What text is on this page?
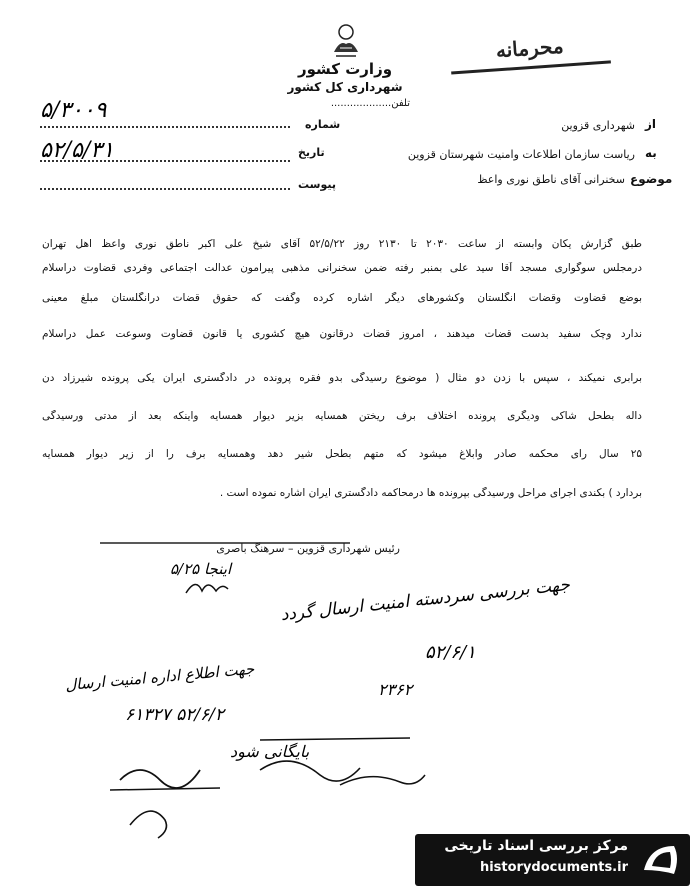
وزارت کشور
شهرداری کل کشور
تلفن...................
محرمانه
شماره
۵/۳۰۰۹
تاریخ
۵۲/۵/۳۱
پیوست
از
شهرداری قزوین
به
ریاست سازمان اطلاعات وامنیت شهرستان قزوین
موضوع
سخنرانی آقای ناطق نوری واعظ
طبق گزارش یکان وابسته از ساعت ۲۰۳۰ تا ۲۱۳۰ روز ۵۲/۵/۲۲ آقای شیخ علی اکبر ناطق نوری واعظ اهل تهران
درمجلس سوگواری مسجد آقا سید علی بمنبر رفته ضمن سخنرانی مذهبی پیرامون عدالت اجتماعی وفردی قضاوت دراسلام
بوضع قضاوت وقضات انگلستان وکشورهای دیگر اشاره کرده وگفت که حقوق قضات درانگلستان مبلغ معینی
ندارد وچک سفید بدست قضات میدهند ، امروز قضات درقانون هیچ کشوری یا قانون قضاوت وسوعت عمل دراسلام
برابری نمیکند ، سپس با زدن دو مثال ( موضوع رسیدگی بدو فقره پرونده در دادگستری ایران یکی پرونده شیرزاد دن
داله بطحل شاکی ودیگری پرونده اختلاف برف ریختن همسایه بزیر دیوار همسایه واینکه بعد از مدتی ورسیدگی
۲۵ سال رای محکمه صادر وابلاغ میشود که متهم بطحل شیر دهد وهمسایه برف را از زیر دیوار همسایه
بردارد ) بکندی اجرای مراحل ورسیدگی بپرونده ها درمحاکمه دادگستری ایران اشاره نموده است .
رئیس شهرداری قزوین – سرهنگ باصری
اینجا ۵/۲۵
جهت بررسی سردسته امنیت ارسال گردد
۵۲/۶/۱
۲۳۶۲
جهت اطلاع اداره امنیت ارسال
۵۲/۶/۲ ۶۱۳۲۷
بایگانی شود
مرکز بررسی اسناد تاریخی
historydocuments.ir
